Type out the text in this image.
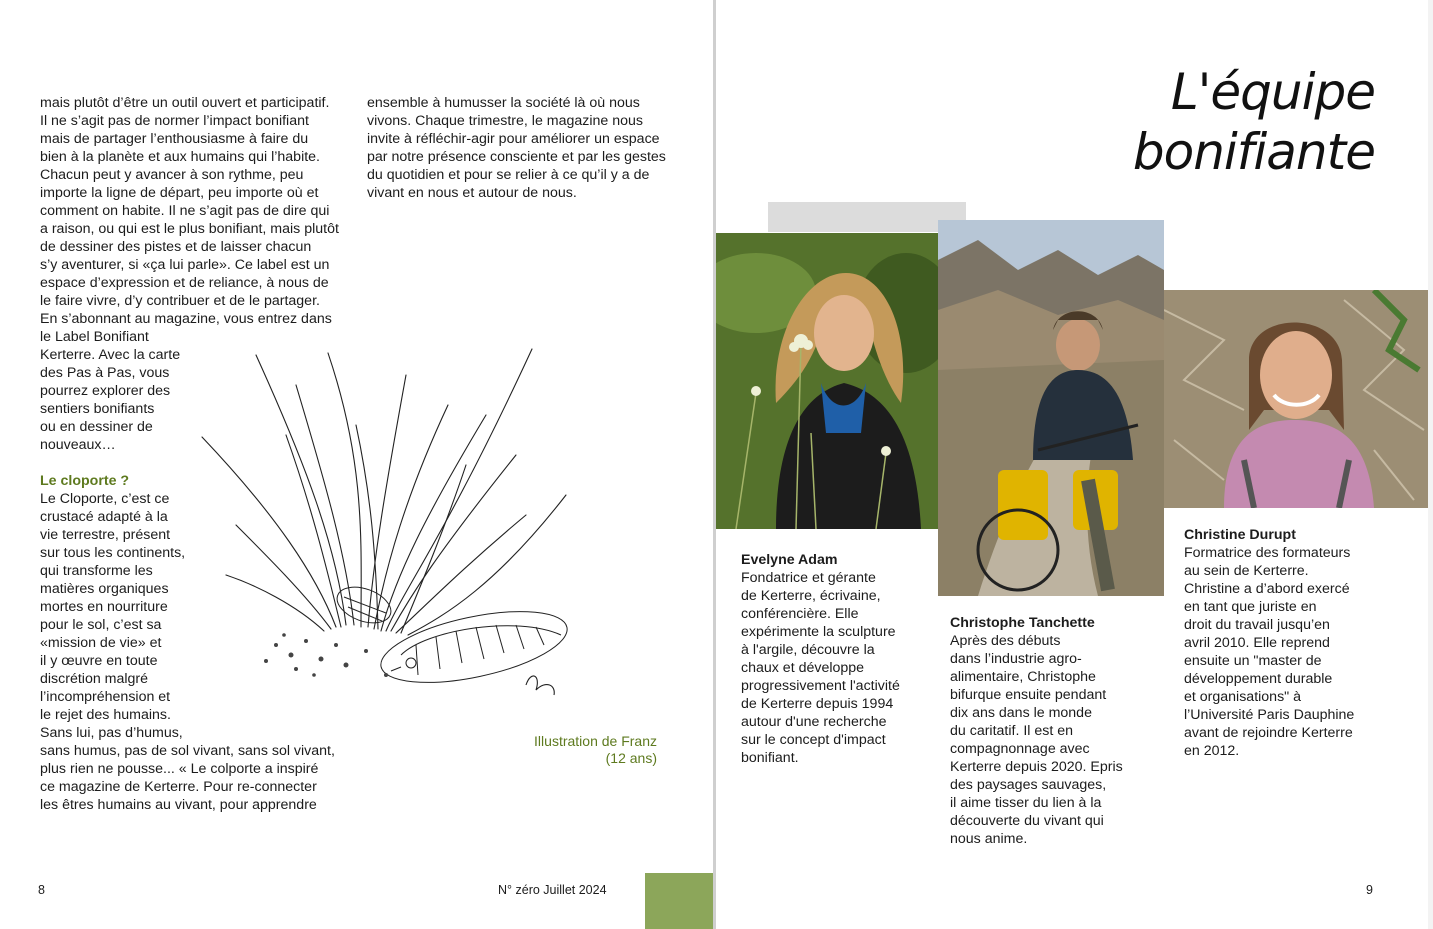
mais plutôt d’être un outil ouvert et participatif.
Il ne s’agit pas de normer l’impact bonifiant
mais de partager l’enthousiasme à faire du
bien à la planète et aux humains qui l’habite.
Chacun peut y avancer à son rythme, peu
importe la ligne de départ, peu importe où et
comment on habite. Il ne s’agit pas de dire qui
a raison, ou qui est le plus bonifiant, mais plutôt
de dessiner des pistes et de laisser chacun
s’y aventurer, si «ça lui parle». Ce label est un
espace d’expression et de reliance, à nous de
le faire vivre, d’y contribuer et de le partager.
En s’abonnant au magazine, vous entrez dans
le Label Bonifiant

Kerterre. Avec la carte
des Pas à Pas, vous
pourrez explorer des
sentiers bonifiants
ou en dessiner de
nouveaux…

Le cloporte ?

Le Cloporte, c’est ce
crustacé adapté à la
vie terrestre, présent
sur tous les continents,
qui transforme les
matières organiques
mortes en nourriture
pour le sol, c’est sa
«mission de vie» et
il y œuvre en toute
discrétion malgré
l’incompréhension et
le rejet des humains.
Sans lui, pas d’humus,

sans humus, pas de sol vivant, sans sol vivant,
plus rien ne pousse... « Le colporte a inspiré
ce magazine de Kerterre. Pour re-connecter
les êtres humains au vivant, pour apprendre

ensemble à humusser la société là où nous
vivons. Chaque trimestre, le magazine nous
invite à réfléchir-agir pour améliorer un espace
par notre présence consciente et par les gestes
du quotidien et pour se relier à ce qu’il y a de
vivant en nous et autour de nous.

Illustration de Franz
(12 ans)
8	N° zéro Juillet 2024
L'équipe
bonifiante
Evelyne Adam
Fondatrice et gérante
de Kerterre, écrivaine,
conférencière. Elle
expérimente la sculpture
à l'argile, découvre la
chaux et développe
progressivement l'activité
de Kerterre depuis 1994
autour d'une recherche
sur le concept d'impact
bonifiant.
Christophe Tanchette
Après des débuts
dans l’industrie agro-
alimentaire, Christophe
bifurque ensuite pendant
dix ans dans le monde
du caritatif. Il est en
compagnonnage avec
Kerterre depuis 2020. Epris
des paysages sauvages,
il aime tisser du lien à la
découverte du vivant qui
nous anime.
Christine Durupt
Formatrice des formateurs
au sein de Kerterre.
Christine a d’abord exercé
en tant que juriste en
droit du travail jusqu’en
avril 2010. Elle reprend
ensuite un "master de
développement durable
et organisations" à
l’Université Paris Dauphine
avant de rejoindre Kerterre
en 2012.
9
